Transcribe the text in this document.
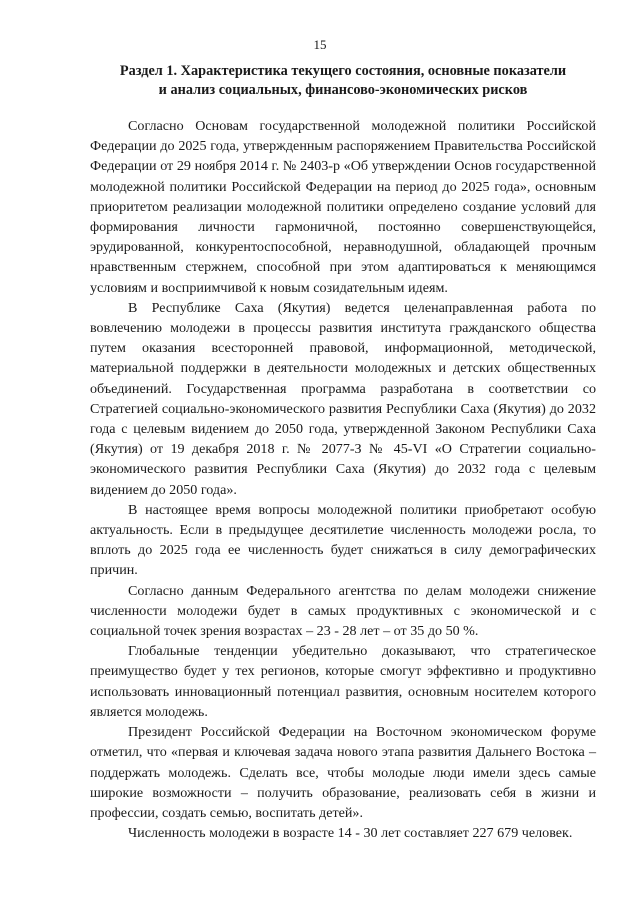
15
Раздел 1. Характеристика текущего состояния, основные показатели
и анализ социальных, финансово-экономических рисков

Согласно Основам государственной молодежной политики Российской Федерации до 2025 года, утвержденным распоряжением Правительства Российской Федерации от 29 ноября 2014 г. № 2403-р «Об утверждении Основ государственной молодежной политики Российской Федерации на период до 2025 года», основным приоритетом реализации молодежной политики определено создание условий для формирования личности гармоничной, постоянно совершенствующейся, эрудированной, конкурентоспособной, неравнодушной, обладающей прочным нравственным стержнем, способной при этом адаптироваться к меняющимся условиям и восприимчивой к новым созидательным идеям.

В Республике Саха (Якутия) ведется целенаправленная работа по вовлечению молодежи в процессы развития института гражданского общества путем оказания всесторонней правовой, информационной, методической, материальной поддержки в деятельности молодежных и детских общественных объединений. Государственная программа разработана в соответствии со Стратегией социально-экономического развития Республики Саха (Якутия) до 2032 года с целевым видением до 2050 года, утвержденной Законом Республики Саха (Якутия) от 19 декабря 2018 г. № 2077-З № 45-VI «О Стратегии социально-экономического развития Республики Саха (Якутия) до 2032 года с целевым видением до 2050 года».

В настоящее время вопросы молодежной политики приобретают особую актуальность. Если в предыдущее десятилетие численность молодежи росла, то вплоть до 2025 года ее численность будет снижаться в силу демографических причин.

Согласно данным Федерального агентства по делам молодежи снижение численности молодежи будет в самых продуктивных с экономической и с социальной точек зрения возрастах – 23 - 28 лет – от 35 до 50 %.

Глобальные тенденции убедительно доказывают, что стратегическое преимущество будет у тех регионов, которые смогут эффективно и продуктивно использовать инновационный потенциал развития, основным носителем которого является молодежь.

Президент Российской Федерации на Восточном экономическом форуме отметил, что «первая и ключевая задача нового этапа развития Дальнего Востока – поддержать молодежь. Сделать все, чтобы молодые люди имели здесь самые широкие возможности – получить образование, реализовать себя в жизни и профессии, создать семью, воспитать детей».

Численность молодежи в возрасте 14 - 30 лет составляет 227 679 человек.
